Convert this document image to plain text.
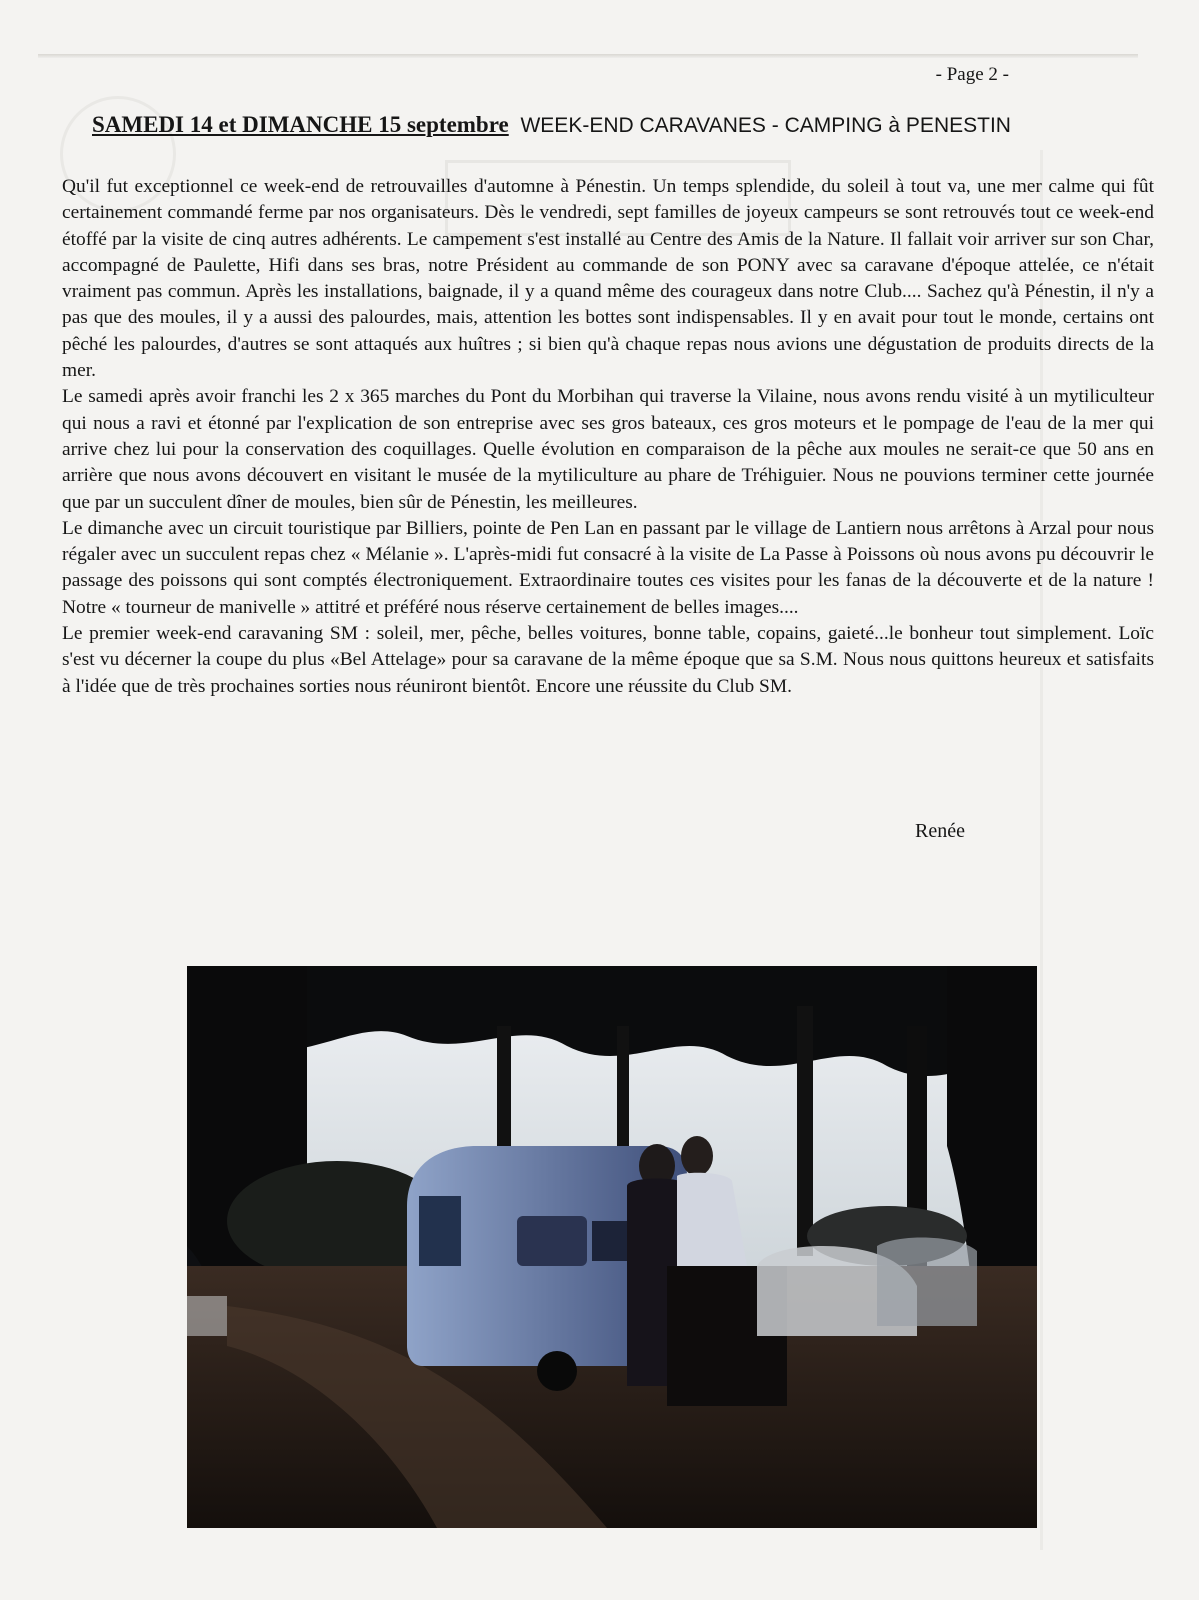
- Page 2 -
SAMEDI 14 et DIMANCHE 15 septembre WEEK-END CARAVANES - CAMPING à PENESTIN

Qu'il fut exceptionnel ce week-end de retrouvailles d'automne à Pénestin. Un temps splendide, du soleil à tout va, une mer calme qui fût certainement commandé ferme par nos organisateurs. Dès le vendredi, sept familles de joyeux campeurs se sont retrouvés tout ce week-end étoffé par la visite de cinq autres adhérents. Le campement s'est installé au Centre des Amis de la Nature. Il fallait voir arriver sur son Char, accompagné de Paulette, Hifi dans ses bras, notre Président au commande de son PONY avec sa caravane d'époque attelée, ce n'était vraiment pas commun. Après les installations, baignade, il y a quand même des courageux dans notre Club.... Sachez qu'à Pénestin, il n'y a pas que des moules, il y a aussi des palourdes, mais, attention les bottes sont indispensables. Il y en avait pour tout le monde, certains ont pêché les palourdes, d'autres se sont attaqués aux huîtres ; si bien qu'à chaque repas nous avions une dégustation de produits directs de la mer.

Le samedi après avoir franchi les 2 x 365 marches du Pont du Morbihan qui traverse la Vilaine, nous avons rendu visité à un mytiliculteur qui nous a ravi et étonné par l'explication de son entreprise avec ses gros bateaux, ces gros moteurs et le pompage de l'eau de la mer qui arrive chez lui pour la conservation des coquillages. Quelle évolution en comparaison de la pêche aux moules ne serait-ce que 50 ans en arrière que nous avons découvert en visitant le musée de la mytiliculture au phare de Tréhiguier. Nous ne pouvions terminer cette journée que par un succulent dîner de moules, bien sûr de Pénestin, les meilleures.

Le dimanche avec un circuit touristique par Billiers, pointe de Pen Lan en passant par le village de Lantiern nous arrêtons à Arzal pour nous régaler avec un succulent repas chez « Mélanie ». L'après-midi fut consacré à la visite de La Passe à Poissons où nous avons pu découvrir le passage des poissons qui sont comptés électroniquement. Extraordinaire toutes ces visites pour les fanas de la découverte et de la nature ! Notre « tourneur de manivelle » attitré et préféré nous réserve certainement de belles images....

Le premier week-end caravaning SM : soleil, mer, pêche, belles voitures, bonne table, copains, gaieté...le bonheur tout simplement. Loïc s'est vu décerner la coupe du plus «Bel Attelage» pour sa caravane de la même époque que sa S.M. Nous nous quittons heureux et satisfaits à l'idée que de très prochaines sorties nous réuniront bientôt. Encore une réussite du Club SM.

Renée
